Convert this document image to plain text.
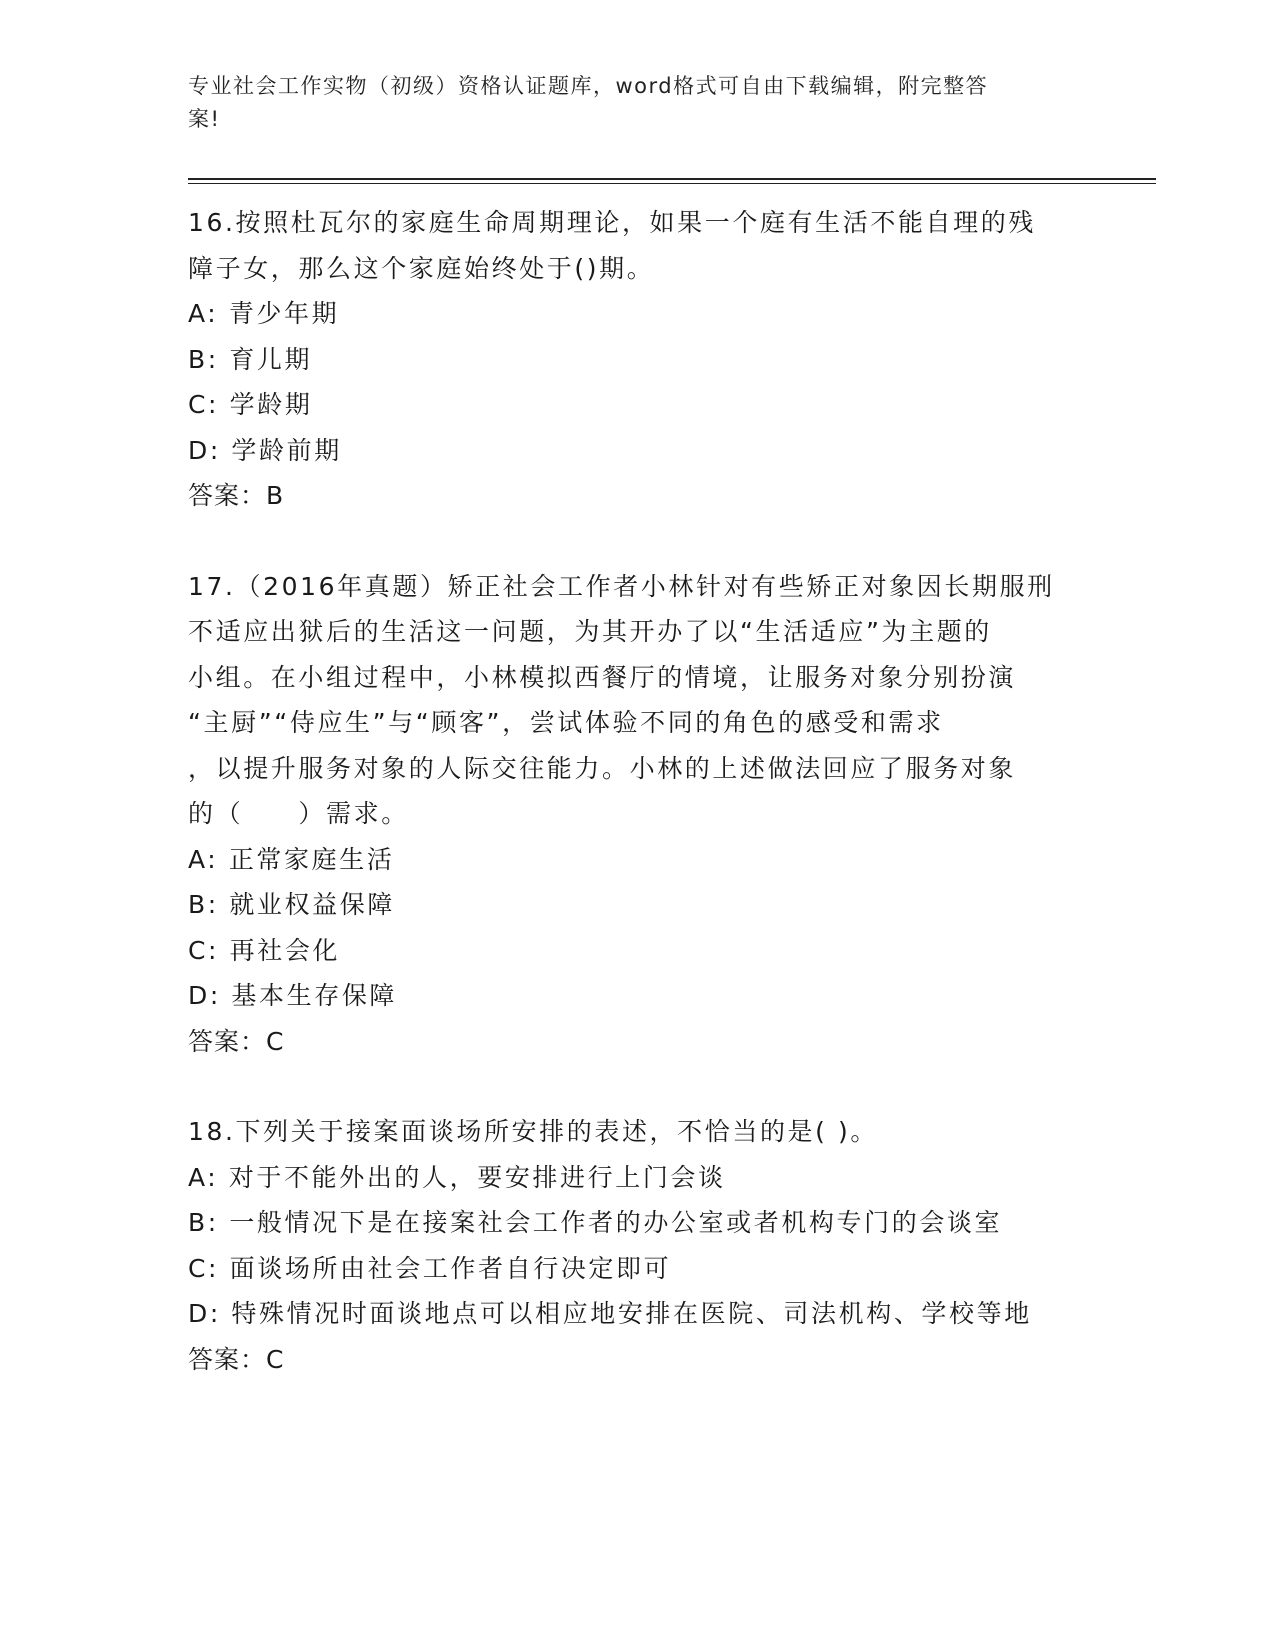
专业社会工作实物（初级）资格认证题库，word格式可自由下载编辑，附完整答
案!
16.按照杜瓦尔的家庭生命周期理论，如果一个庭有生活不能自理的残
障子女，那么这个家庭始终处于()期。
A: 青少年期
B: 育儿期
C: 学龄期
D: 学龄前期
答案：B
17.（2016年真题）矫正社会工作者小林针对有些矫正对象因长期服刑
不适应出狱后的生活这一问题，为其开办了以“生活适应”为主题的
小组。在小组过程中，小林模拟西餐厅的情境，让服务对象分别扮演
“主厨”“侍应生”与“顾客”，尝试体验不同的角色的感受和需求
，以提升服务对象的人际交往能力。小林的上述做法回应了服务对象
的（　　）需求。
A: 正常家庭生活
B: 就业权益保障
C: 再社会化
D: 基本生存保障
答案：C
18.下列关于接案面谈场所安排的表述，不恰当的是( )。
A: 对于不能外出的人，要安排进行上门会谈
B: 一般情况下是在接案社会工作者的办公室或者机构专门的会谈室
C: 面谈场所由社会工作者自行决定即可
D: 特殊情况时面谈地点可以相应地安排在医院、司法机构、学校等地
答案：C
